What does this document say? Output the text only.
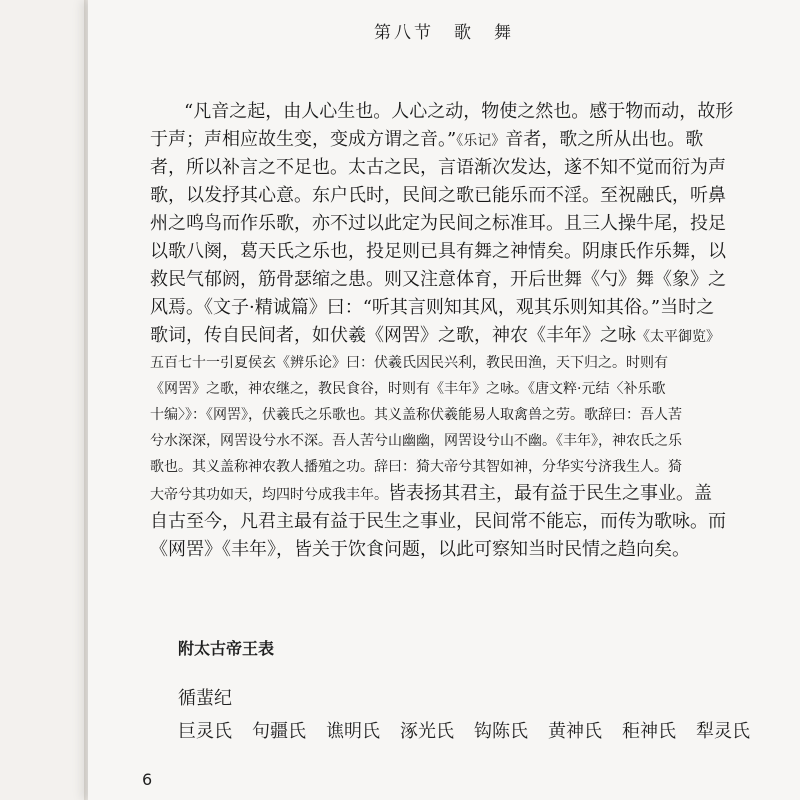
第八节　歌　舞
“凡音之起，由人心生也。人心之动，物使之然也。感于物而动，故形
于声；声相应故生变，变成方谓之音。”《乐记》音者，歌之所从出也。歌
者，所以补言之不足也。太古之民，言语渐次发达，遂不知不觉而衍为声
歌，以发抒其心意。东户氏时，民间之歌已能乐而不淫。至祝融氏，听鼻
州之鸣鸟而作乐歌，亦不过以此定为民间之标准耳。且三人操牛尾，投足
以歌八阕，葛天氏之乐也，投足则已具有舞之神情矣。阴康氏作乐舞，以
救民气郁阏，筋骨瑟缩之患。则又注意体育，开后世舞《勺》舞《象》之
风焉。《文子·精诚篇》曰：“听其言则知其风，观其乐则知其俗。”当时之
歌词，传自民间者，如伏羲《网罟》之歌，神农《丰年》之咏《太平御览》
五百七十一引夏侯玄《辨乐论》曰：伏羲氏因民兴利，教民田渔，天下归之。时则有
《网罟》之歌，神农继之，教民食谷，时则有《丰年》之咏。《唐文粹·元结〈补乐歌
十编〉》：《网罟》，伏羲氏之乐歌也。其义盖称伏羲能易人取禽兽之劳。歌辞曰：吾人苦
兮水深深，网罟设兮水不深。吾人苦兮山幽幽，网罟设兮山不幽。《丰年》，神农氏之乐
歌也。其义盖称神农教人播殖之功。辞曰：猗大帝兮其智如神，分华实兮济我生人。猗
大帝兮其功如天，均四时兮成我丰年。皆表扬其君主，最有益于民生之事业。盖
自古至今，凡君主最有益于民生之事业，民间常不能忘，而传为歌咏。而
《网罟》《丰年》，皆关于饮食问题，以此可察知当时民情之趋向矣。
附太古帝王表
循蜚纪
巨灵氏 句疆氏 谯明氏 涿光氏 钩陈氏 黄神氏 秬神氏 犁灵氏
6
